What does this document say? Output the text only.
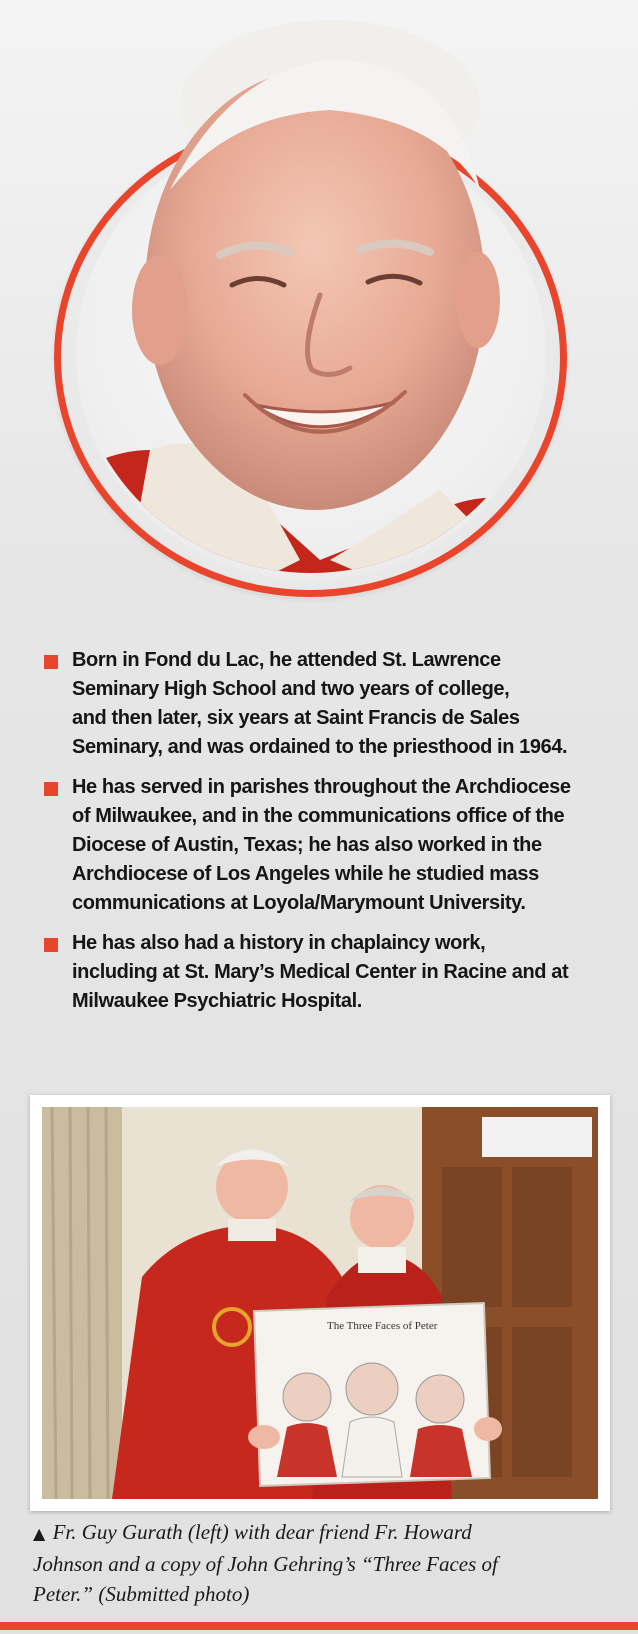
Born in Fond du Lac, he attended St. Lawrence
Seminary High School and two years of college,
and then later, six years at Saint Francis de Sales
Seminary, and was ordained to the priesthood in 1964.
He has served in parishes throughout the Archdiocese
of Milwaukee, and in the communications office of the
Diocese of Austin, Texas; he has also worked in the
Archdiocese of Los Angeles while he studied mass
communications at Loyola/Marymount University.
He has also had a history in chaplaincy work,
including at St. Mary’s Medical Center in Racine and at
Milwaukee Psychiatric Hospital.
The Three Faces of Peter
▲ Fr. Guy Gurath (left) with dear friend Fr. Howard
Johnson and a copy of John Gehring’s “Three Faces of
Peter.” (Submitted photo)
